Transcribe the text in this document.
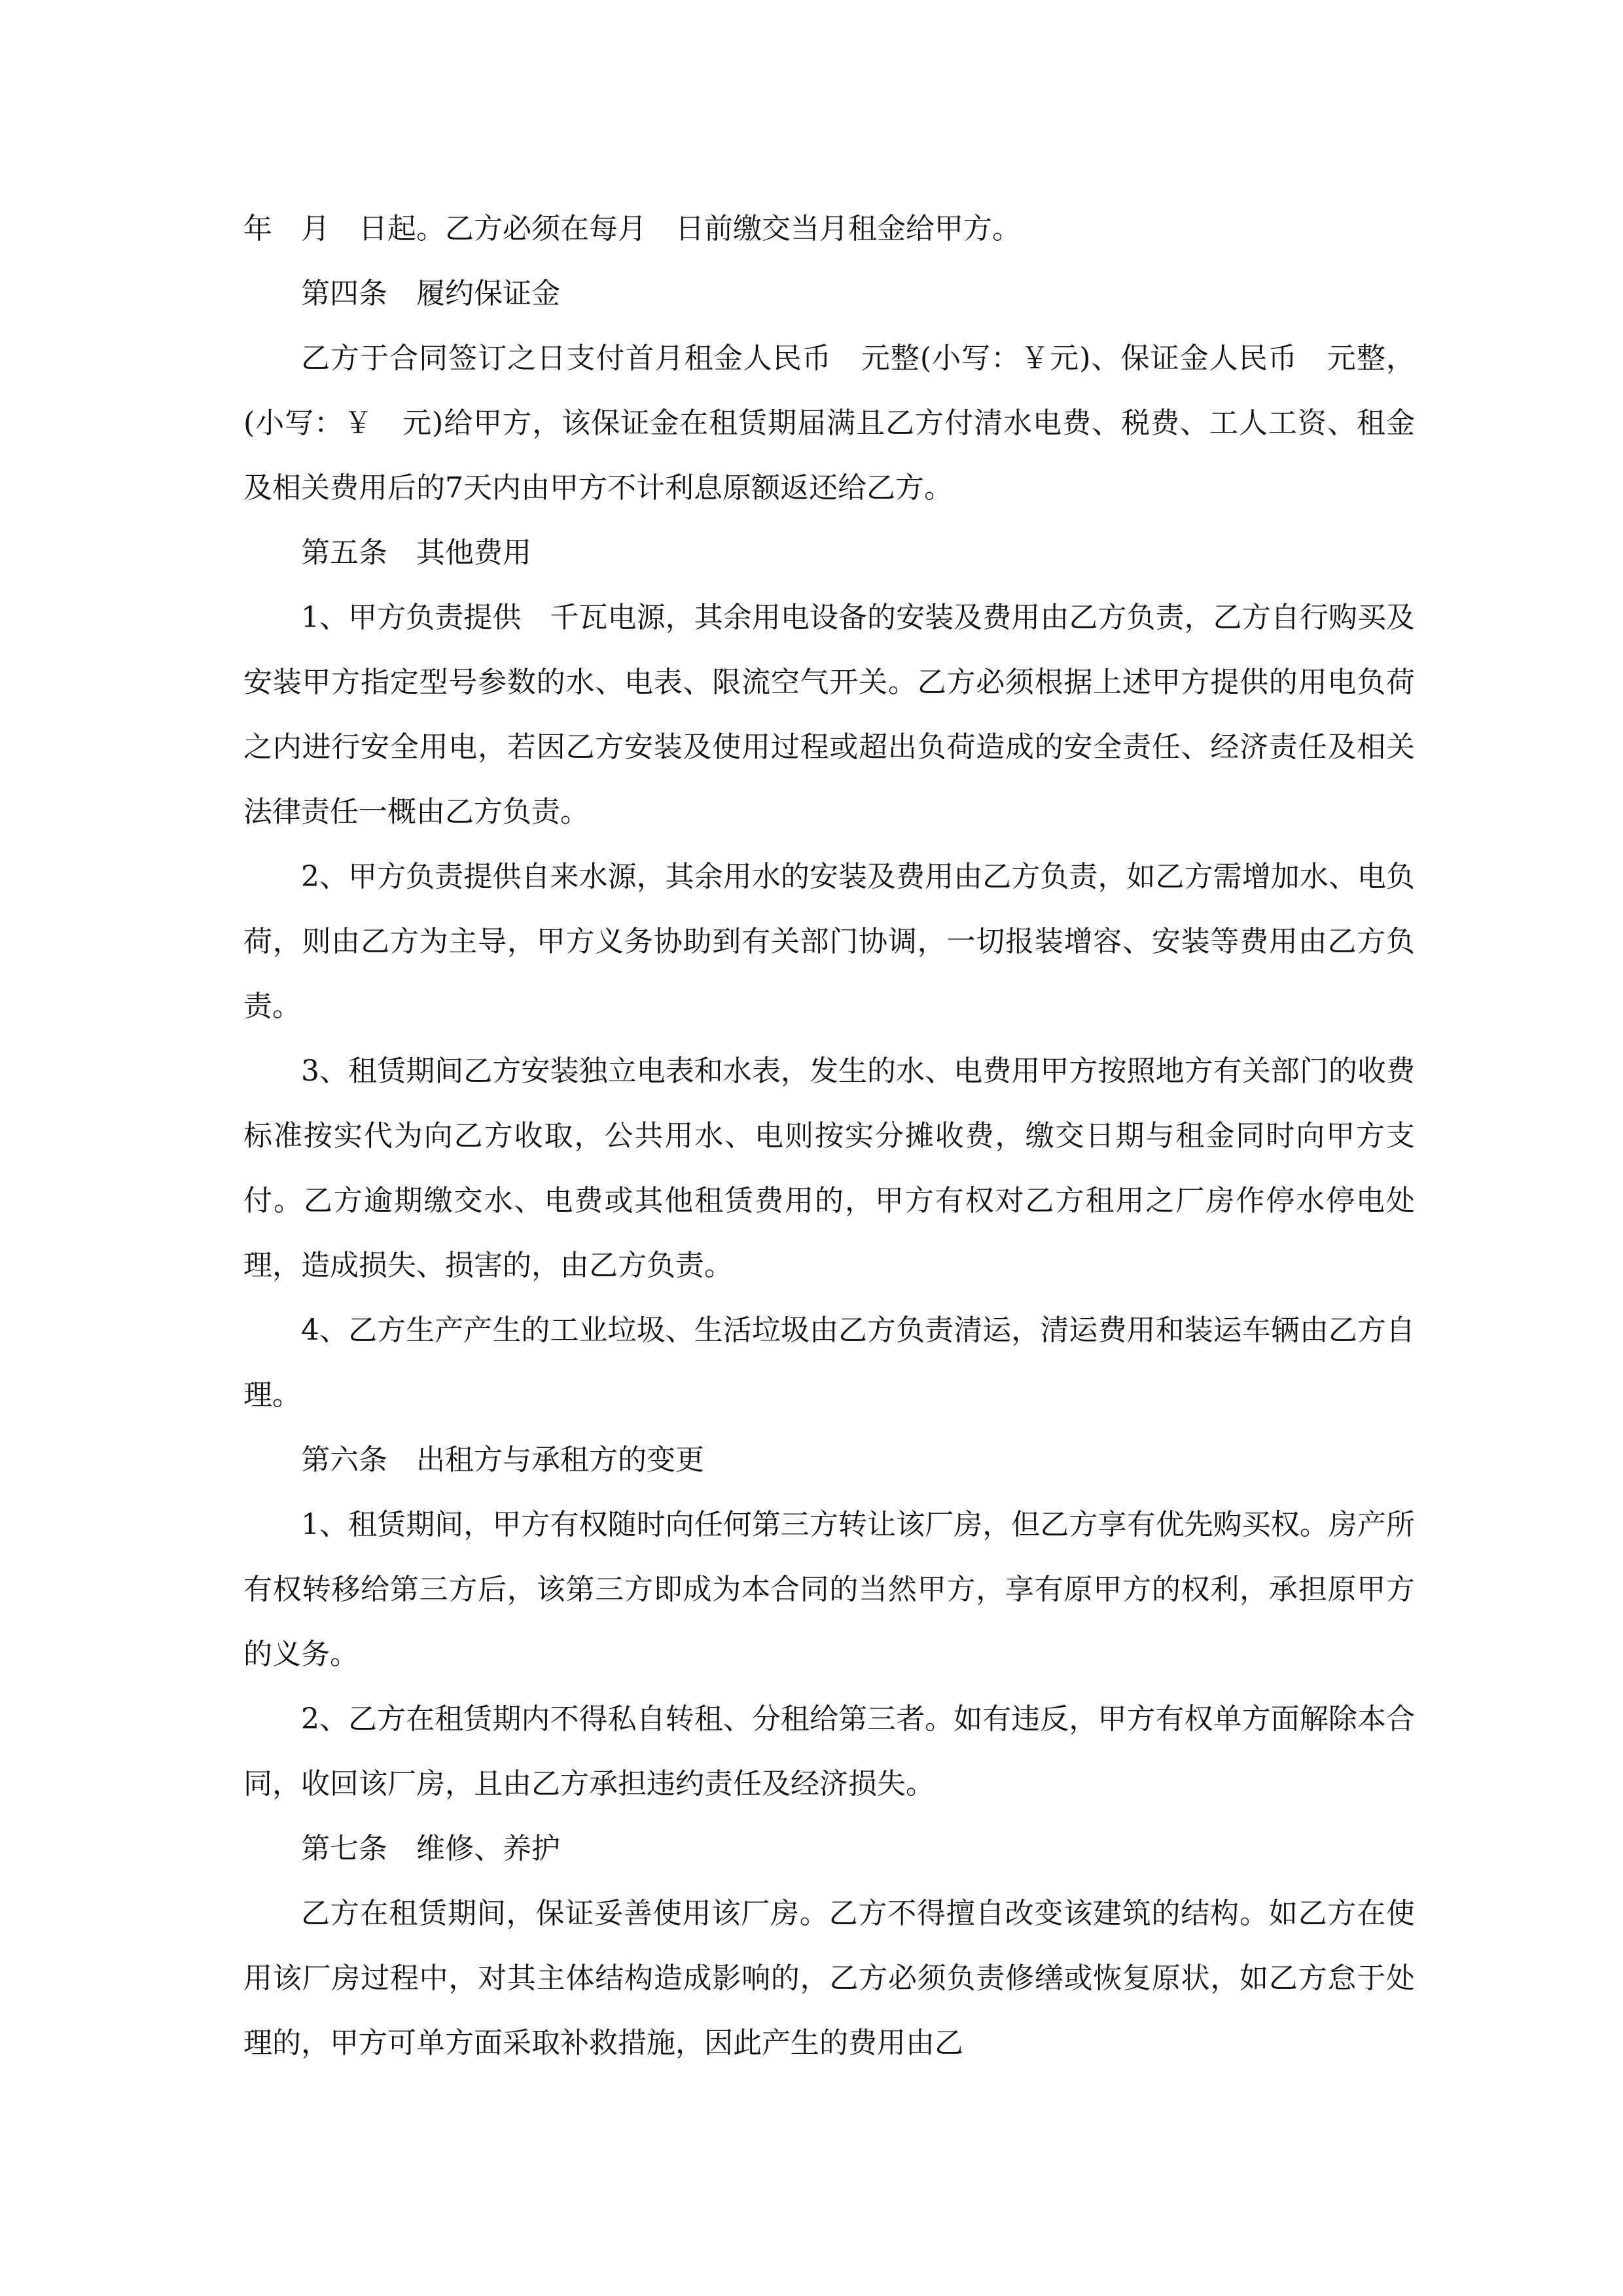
年　月　日起。乙方必须在每月　日前缴交当月租金给甲方。

第四条　履约保证金

乙方于合同签订之日支付首月租金人民币　元整(小写：￥元)、保证金人民币　元整，(小写：￥　元)给甲方，该保证金在租赁期届满且乙方付清水电费、税费、工人工资、租金及相关费用后的7天内由甲方不计利息原额返还给乙方。

第五条　其他费用

1、甲方负责提供　千瓦电源，其余用电设备的安装及费用由乙方负责，乙方自行购买及安装甲方指定型号参数的水、电表、限流空气开关。乙方必须根据上述甲方提供的用电负荷之内进行安全用电，若因乙方安装及使用过程或超出负荷造成的安全责任、经济责任及相关法律责任一概由乙方负责。

2、甲方负责提供自来水源，其余用水的安装及费用由乙方负责，如乙方需增加水、电负荷，则由乙方为主导，甲方义务协助到有关部门协调，一切报装增容、安装等费用由乙方负责。

3、租赁期间乙方安装独立电表和水表，发生的水、电费用甲方按照地方有关部门的收费标准按实代为向乙方收取，公共用水、电则按实分摊收费，缴交日期与租金同时向甲方支付。乙方逾期缴交水、电费或其他租赁费用的，甲方有权对乙方租用之厂房作停水停电处理，造成损失、损害的，由乙方负责。

4、乙方生产产生的工业垃圾、生活垃圾由乙方负责清运，清运费用和装运车辆由乙方自理。

第六条　出租方与承租方的变更

1、租赁期间，甲方有权随时向任何第三方转让该厂房，但乙方享有优先购买权。房产所有权转移给第三方后，该第三方即成为本合同的当然甲方，享有原甲方的权利，承担原甲方的义务。

2、乙方在租赁期内不得私自转租、分租给第三者。如有违反，甲方有权单方面解除本合同，收回该厂房，且由乙方承担违约责任及经济损失。

第七条　维修、养护

乙方在租赁期间，保证妥善使用该厂房。乙方不得擅自改变该建筑的结构。如乙方在使用该厂房过程中，对其主体结构造成影响的，乙方必须负责修缮或恢复原状，如乙方怠于处理的，甲方可单方面采取补救措施，因此产生的费用由乙
